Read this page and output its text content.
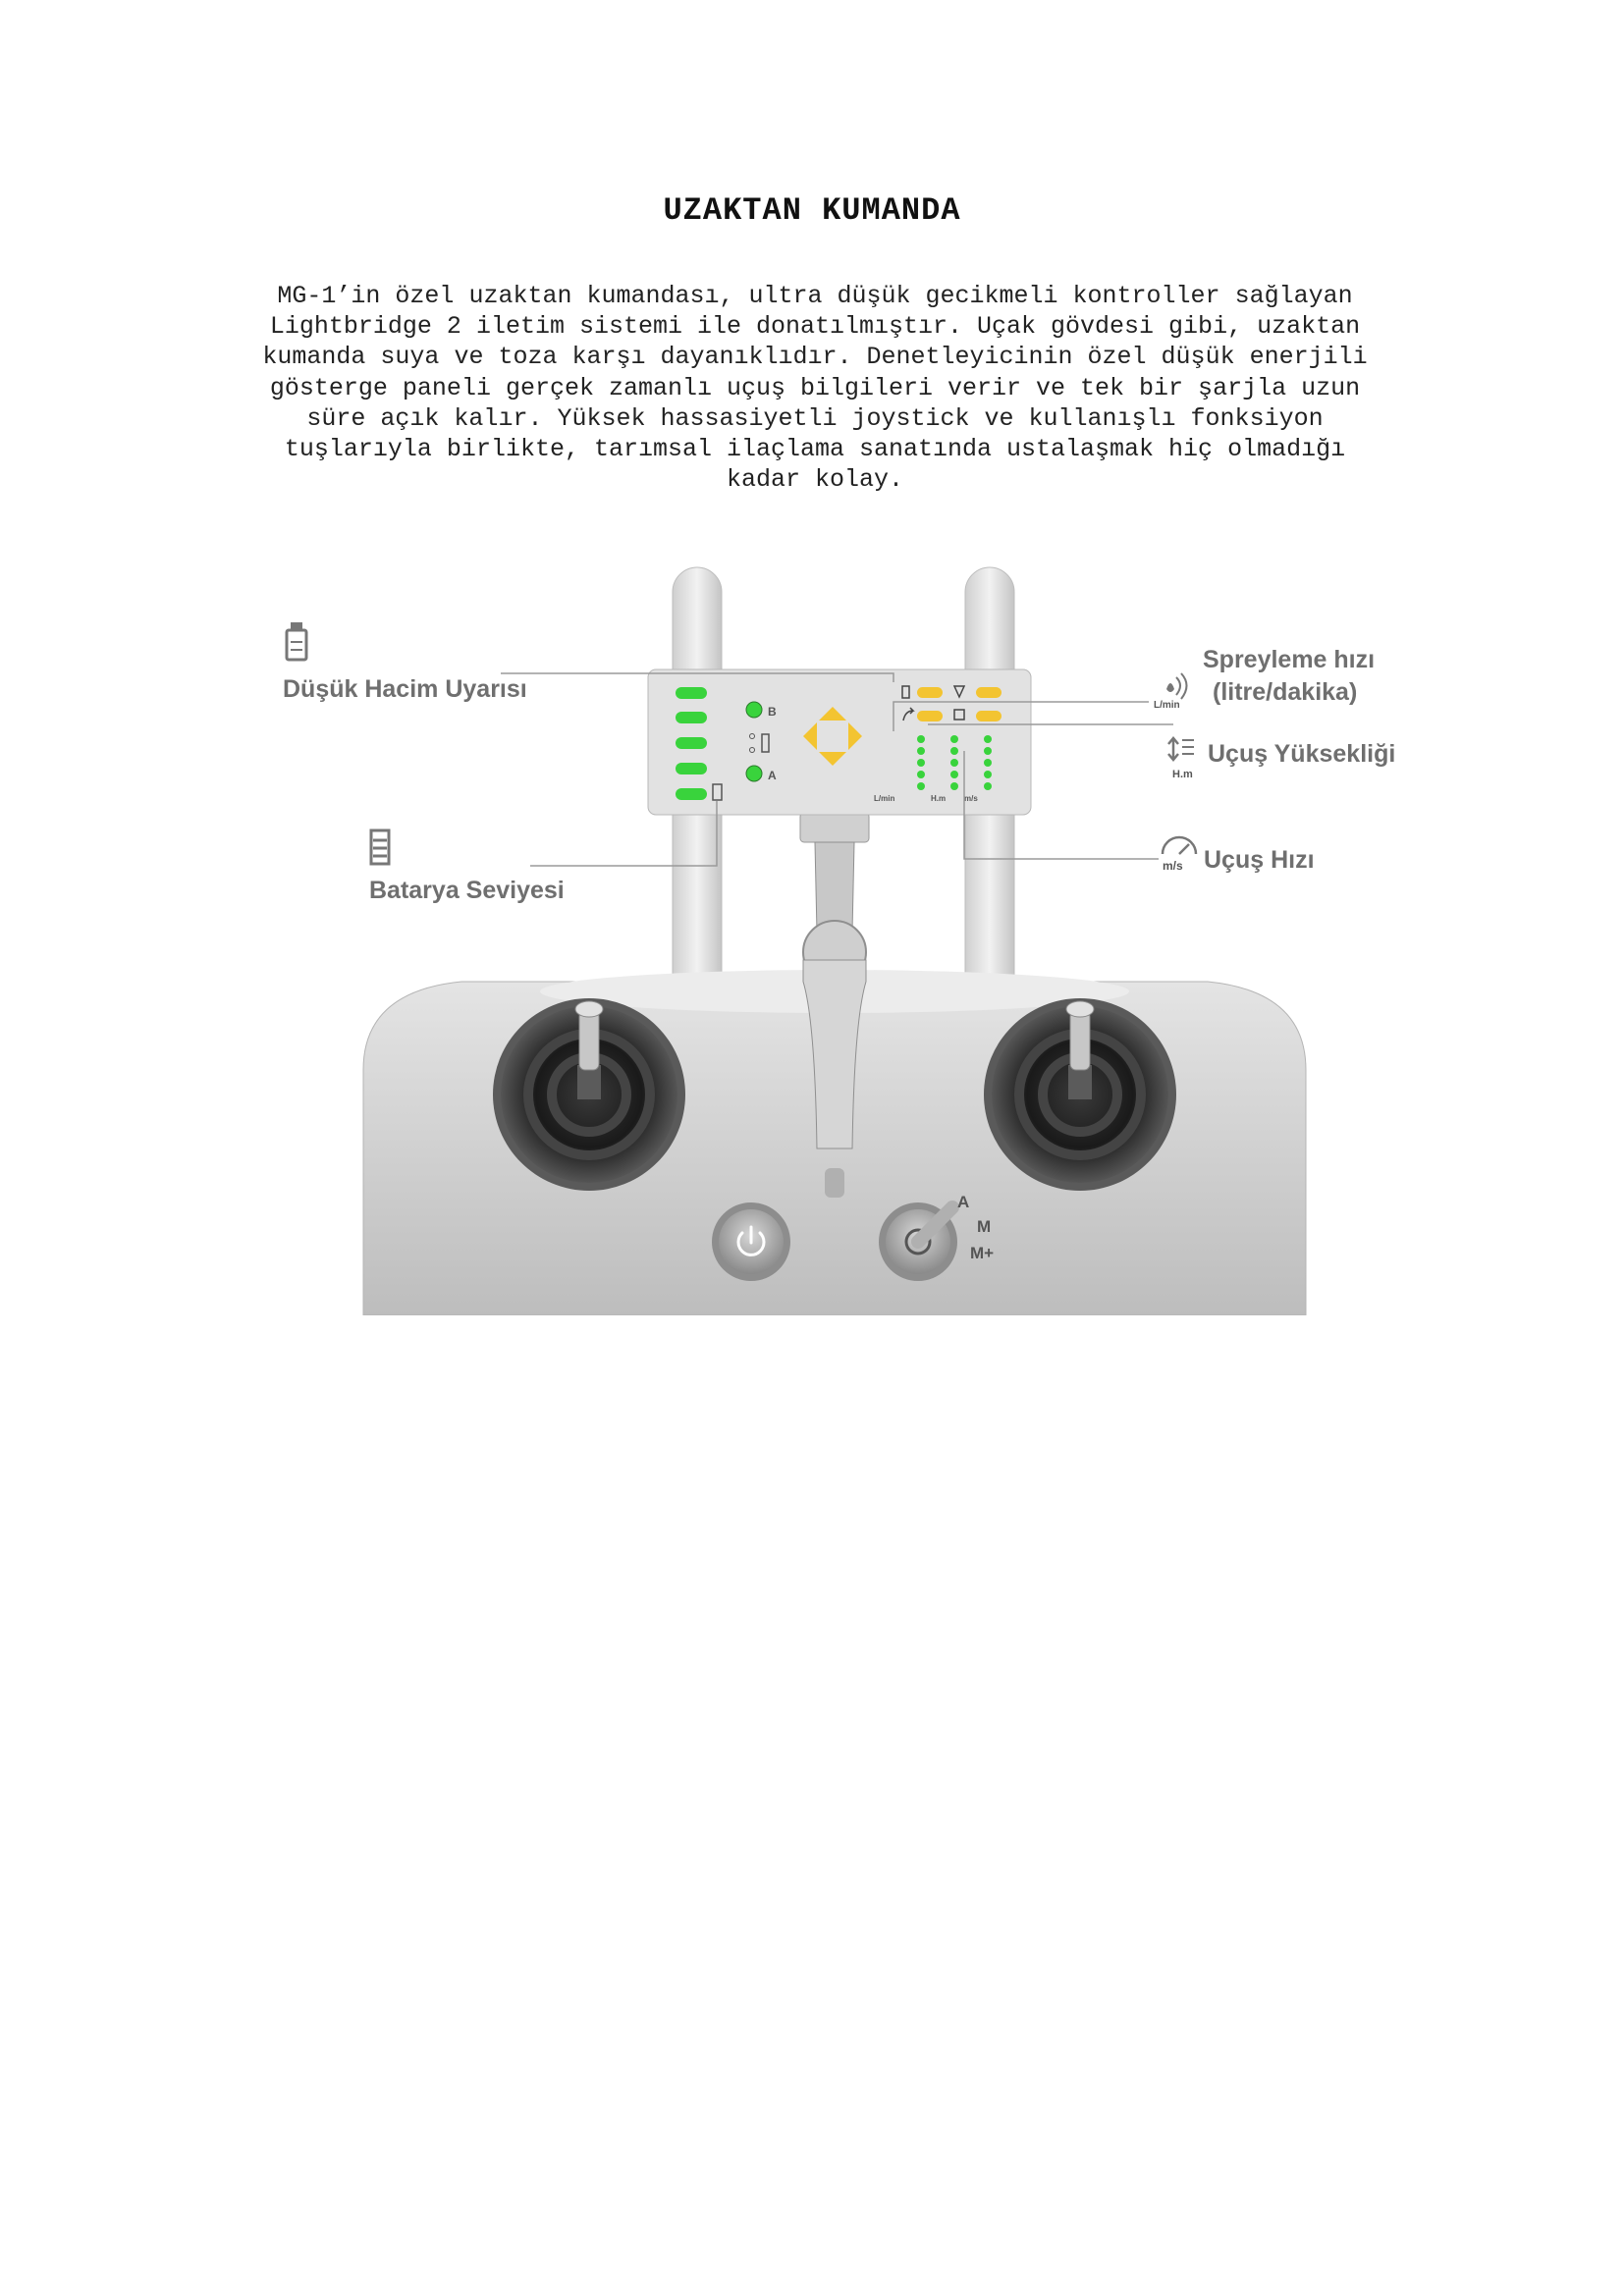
UZAKTAN KUMANDA

MG-1’in özel uzaktan kumandası, ultra düşük gecikmeli kontroller sağlayan
Lightbridge 2 iletim sistemi ile donatılmıştır. Uçak gövdesi gibi, uzaktan
kumanda suya ve toza karşı dayanıklıdır. Denetleyicinin özel düşük enerjili
gösterge paneli gerçek zamanlı uçuş bilgileri verir ve tek bir şarjla uzun
süre açık kalır. Yüksek hassasiyetli joystick ve kullanışlı fonksiyon
tuşlarıyla birlikte, tarımsal ilaçlama sanatında ustalaşmak hiç olmadığı
kadar kolay.

A
M
M+
B
A
L/min	H.m m/s
Düşük Hacim Uyarısı
Batarya Seviyesi
L/min
Spreyleme hızı
(litre/dakika)
H.m
Uçuş Yüksekliği
m/s Uçuş Hızı
